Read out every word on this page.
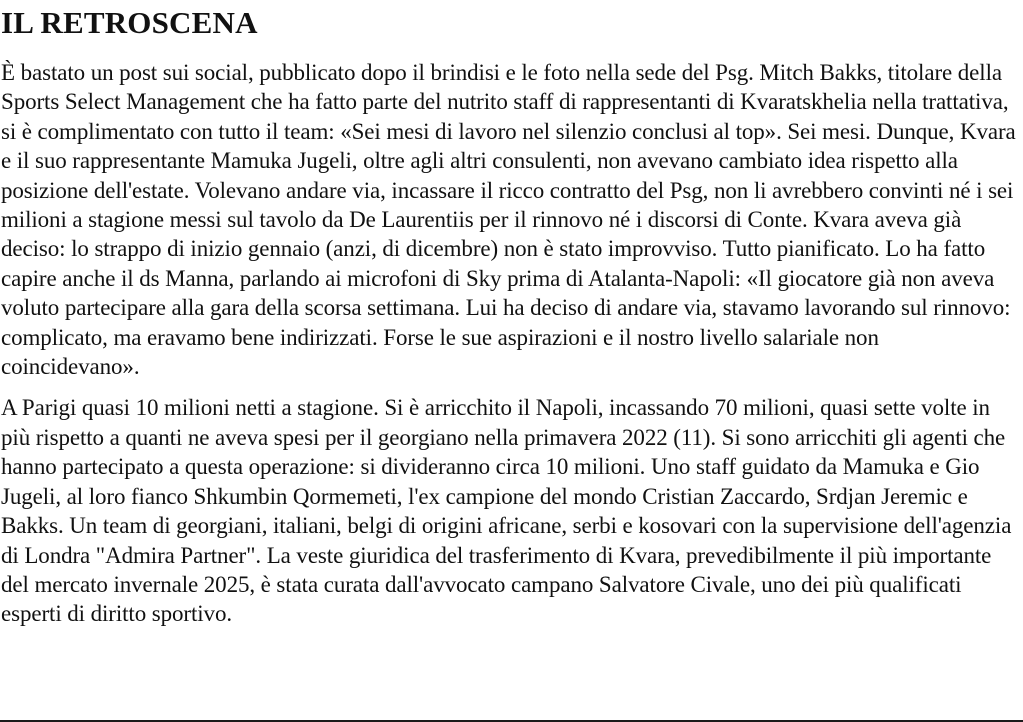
IL RETROSCENA

È bastato un post sui social, pubblicato dopo il brindisi e le foto nella sede del Psg. Mitch Bakks, titolare della Sports Select Management che ha fatto parte del nutrito staff di rappresentanti di Kvaratskhelia nella trattativa, si è complimentato con tutto il team: «Sei mesi di lavoro nel silenzio conclusi al top». Sei mesi. Dunque, Kvara e il suo rappresentante Mamuka Jugeli, oltre agli altri consulenti, non avevano cambiato idea rispetto alla posizione dell'estate. Volevano andare via, incassare il ricco contratto del Psg, non li avrebbero convinti né i sei milioni a stagione messi sul tavolo da De Laurentiis per il rinnovo né i discorsi di Conte. Kvara aveva già deciso: lo strappo di inizio gennaio (anzi, di dicembre) non è stato improvviso. Tutto pianificato. Lo ha fatto capire anche il ds Manna, parlando ai microfoni di Sky prima di Atalanta-Napoli: «Il giocatore già non aveva voluto partecipare alla gara della scorsa settimana. Lui ha deciso di andare via, stavamo lavorando sul rinnovo: complicato, ma eravamo bene indirizzati. Forse le sue aspirazioni e il nostro livello salariale non coincidevano».

A Parigi quasi 10 milioni netti a stagione. Si è arricchito il Napoli, incassando 70 milioni, quasi sette volte in più rispetto a quanti ne aveva spesi per il georgiano nella primavera 2022 (11). Si sono arricchiti gli agenti che hanno partecipato a questa operazione: si divideranno circa 10 milioni. Uno staff guidato da Mamuka e Gio Jugeli, al loro fianco Shkumbin Qormemeti, l'ex campione del mondo Cristian Zaccardo, Srdjan Jeremic e Bakks. Un team di georgiani, italiani, belgi di origini africane, serbi e kosovari con la supervisione dell'agenzia di Londra "Admira Partner". La veste giuridica del trasferimento di Kvara, prevedibilmente il più importante del mercato invernale 2025, è stata curata dall'avvocato campano Salvatore Civale, uno dei più qualificati esperti di diritto sportivo.
